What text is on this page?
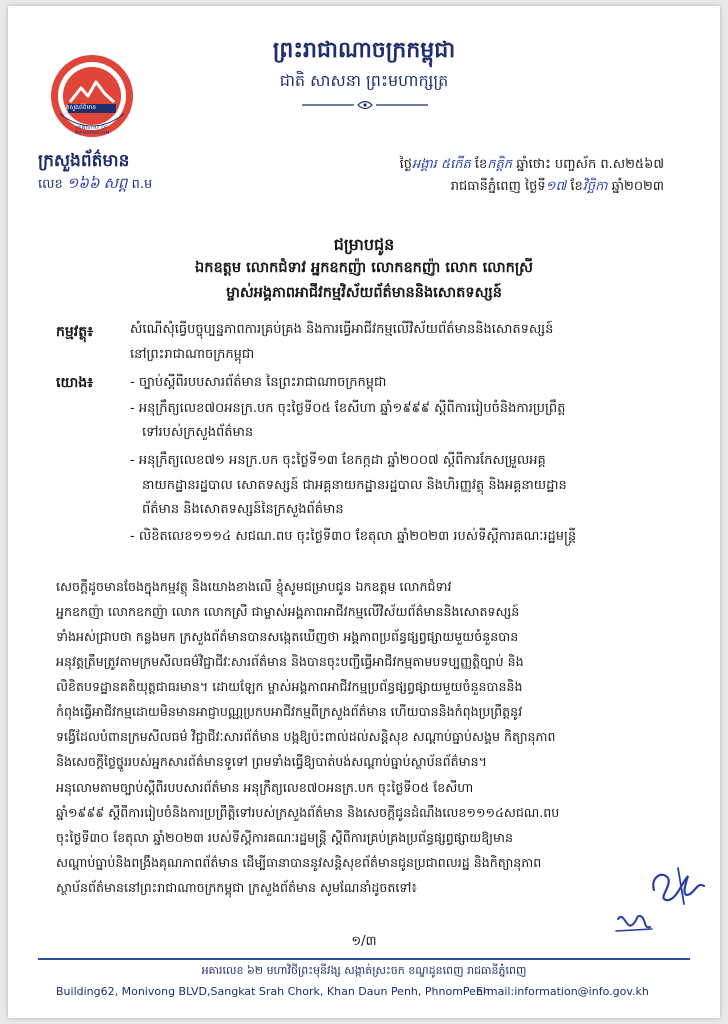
ព្រះរាជាណាចក្រកម្ពុជា
ជាតិ សាសនា ព្រះមហាក្សត្រ
ក្រសួងព័ត៌មាន
MINISTRY OF INFORMATION
ក្រសួងព័ត៌មាន
លេខ ១៦៦ សព្ត ព.ម
ថ្ងៃអង្គារ ៥កើត ខែកត្តិក ឆ្នាំថោះ បញ្ចស័ក ព.ស២៥៦៧
រាជធានីភ្នំពេញ ថ្ងៃទី១៧ ខែវិច្ឆិកា ឆ្នាំ២០២៣
ជម្រាបជូន
ឯកឧត្តម លោកជំទាវ អ្នកឧកញ៉ា លោកឧកញ៉ា លោក លោកស្រី
ម្ចាស់អង្គភាពអាជីវកម្មវិស័យព័ត៌មាននិងសោតទស្សន៍
កម្មវត្ថុ៖	សំណើសុំធ្វើបច្ចុប្បន្នភាពការគ្រប់គ្រង និងការធ្វើអាជីវកម្មលើវិស័យព័ត៌មាននិងសោតទស្សន៍
នៅព្រះរាជាណាចក្រកម្ពុជា
យោង៖	- ច្បាប់ស្តីពីរបបសារព័ត៌មាន នៃព្រះរាជាណាចក្រកម្ពុជា
- អនុក្រឹត្យលេខ៧០អនក្រ.បក ចុះថ្ងៃទី០៥ ខែសីហា ឆ្នាំ១៩៩៩ ស្តីពីការរៀបចំនិងការប្រព្រឹត្ត
ទៅរបស់ក្រសួងព័ត៌មាន
- អនុក្រឹត្យលេខ៧១ អនក្រ.បក ចុះថ្ងៃទី១៣ ខែកក្កដា ឆ្នាំ២០០៧ ស្តីពីការកែសម្រួលអគ្គ
នាយកដ្ឋានរដ្ឋបាល សោតទស្សន៍ ជាអគ្គនាយកដ្ឋានរដ្ឋបាល និងហិរញ្ញវត្ថុ និងអគ្គនាយដ្ឋាន
ព័ត៌មាន និងសោតទស្សន៍នៃក្រសួងព័ត៌មាន
- លិខិតលេខ១១១៤ សជណ.ពប ចុះថ្ងៃទី៣០ ខែតុលា ឆ្នាំ២០២៣ របស់ទីស្តីការគណៈរដ្ឋមន្ត្រី
សេចក្តីដូចមានចែងក្នុងកម្មវត្ថុ និងយោងខាងលើ ខ្ញុំសូមជម្រាបជូន ឯកឧត្តម លោកជំទាវ
អ្នកឧកញ៉ា លោកឧកញ៉ា លោក លោកស្រី ជាម្ចាស់អង្គភាពអាជីវកម្មលើវិស័យព័ត៌មាននិងសោតទស្សន៍
ទាំងអស់ជ្រាបថា កន្លងមក ក្រសួងព័ត៌មានបានសង្កេតឃើញថា អង្គភាពប្រព័ន្ធផ្សព្វផ្សាយមួយចំនួនបាន
អនុវត្តត្រឹមត្រូវតាមក្រមសីលធម៌វិជ្ជាជីវៈសារព័ត៌មាន និងបានចុះបញ្ជីធ្វើអាជីវកម្មតាមបទប្បញ្ញត្តិច្បាប់ និង
លិខិតបទដ្ឋានគតិយុត្តជាធរមាន។ ដោយឡែក ម្ចាស់អង្គភាពអាជីវកម្មប្រព័ន្ធផ្សព្វផ្សាយមួយចំនួនបាននិង
កំពុងធ្វើអាជីវកម្មដោយមិនមានអាជ្ញាបណ្ណប្រកបអាជីវកម្មពីក្រសួងព័ត៌មាន ហើយបាននិងកំពុងប្រព្រឹត្តនូវ
ទង្វើដែលបំពានក្រមសីលធម៌ វិជ្ជាជីវៈសារព័ត៌មាន បង្កឱ្យប៉ះពាល់ដល់សន្តិសុខ សណ្តាប់ធ្នាប់សង្គម កិត្យានុភាព
និងសេចក្តីថ្លៃថ្នូររបស់អ្នកសារព័ត៌មានទូទៅ ព្រមទាំងធ្វើឱ្យបាត់បង់សណ្តាប់ធ្នាប់ស្ថាប័នព័ត៌មាន។
អនុលោមតាមច្បាប់ស្តីពីរបបសារព័ត៌មាន អនុក្រឹត្យលេខ៧០អនក្រ.បក ចុះថ្ងៃទី០៥ ខែសីហា
ឆ្នាំ១៩៩៩ ស្តីពីការរៀបចំនិងការប្រព្រឹត្តិទៅរបស់ក្រសួងព័ត៌មាន និងសេចក្តីជូនដំណឹងលេខ១១១៤សជណ.ពប
ចុះថ្ងៃទី៣០ ខែតុលា ឆ្នាំ២០២៣ របស់ទីស្តីការគណៈរដ្ឋមន្ត្រី ស្តីពីការគ្រប់គ្រងប្រព័ន្ធផ្សព្វផ្សាយឱ្យមាន
សណ្តាប់ធ្នាប់និងពង្រឹងគុណភាពព័ត៌មាន ដើម្បីធានាបាននូវសន្តិសុខព័ត៌មានជូនប្រជាពលរដ្ឋ និងកិត្យានុភាព
ស្ថាប័នព័ត៌មាននៅព្រះរាជាណាចក្រកម្ពុជា ក្រសួងព័ត៌មាន សូមណែនាំដូចតទៅ៖
១/៣
អគារលេខ ៦២ មហាវិថីព្រះមុនីវង្ស សង្កាត់ស្រះចក ខណ្ឌដូនពេញ រាជធានីភ្នំពេញ
Building62, Monivong BLVD,Sangkat Srah Chork, Khan Daun Penh, PhnomPenh
E-mail:information@info.gov.kh
